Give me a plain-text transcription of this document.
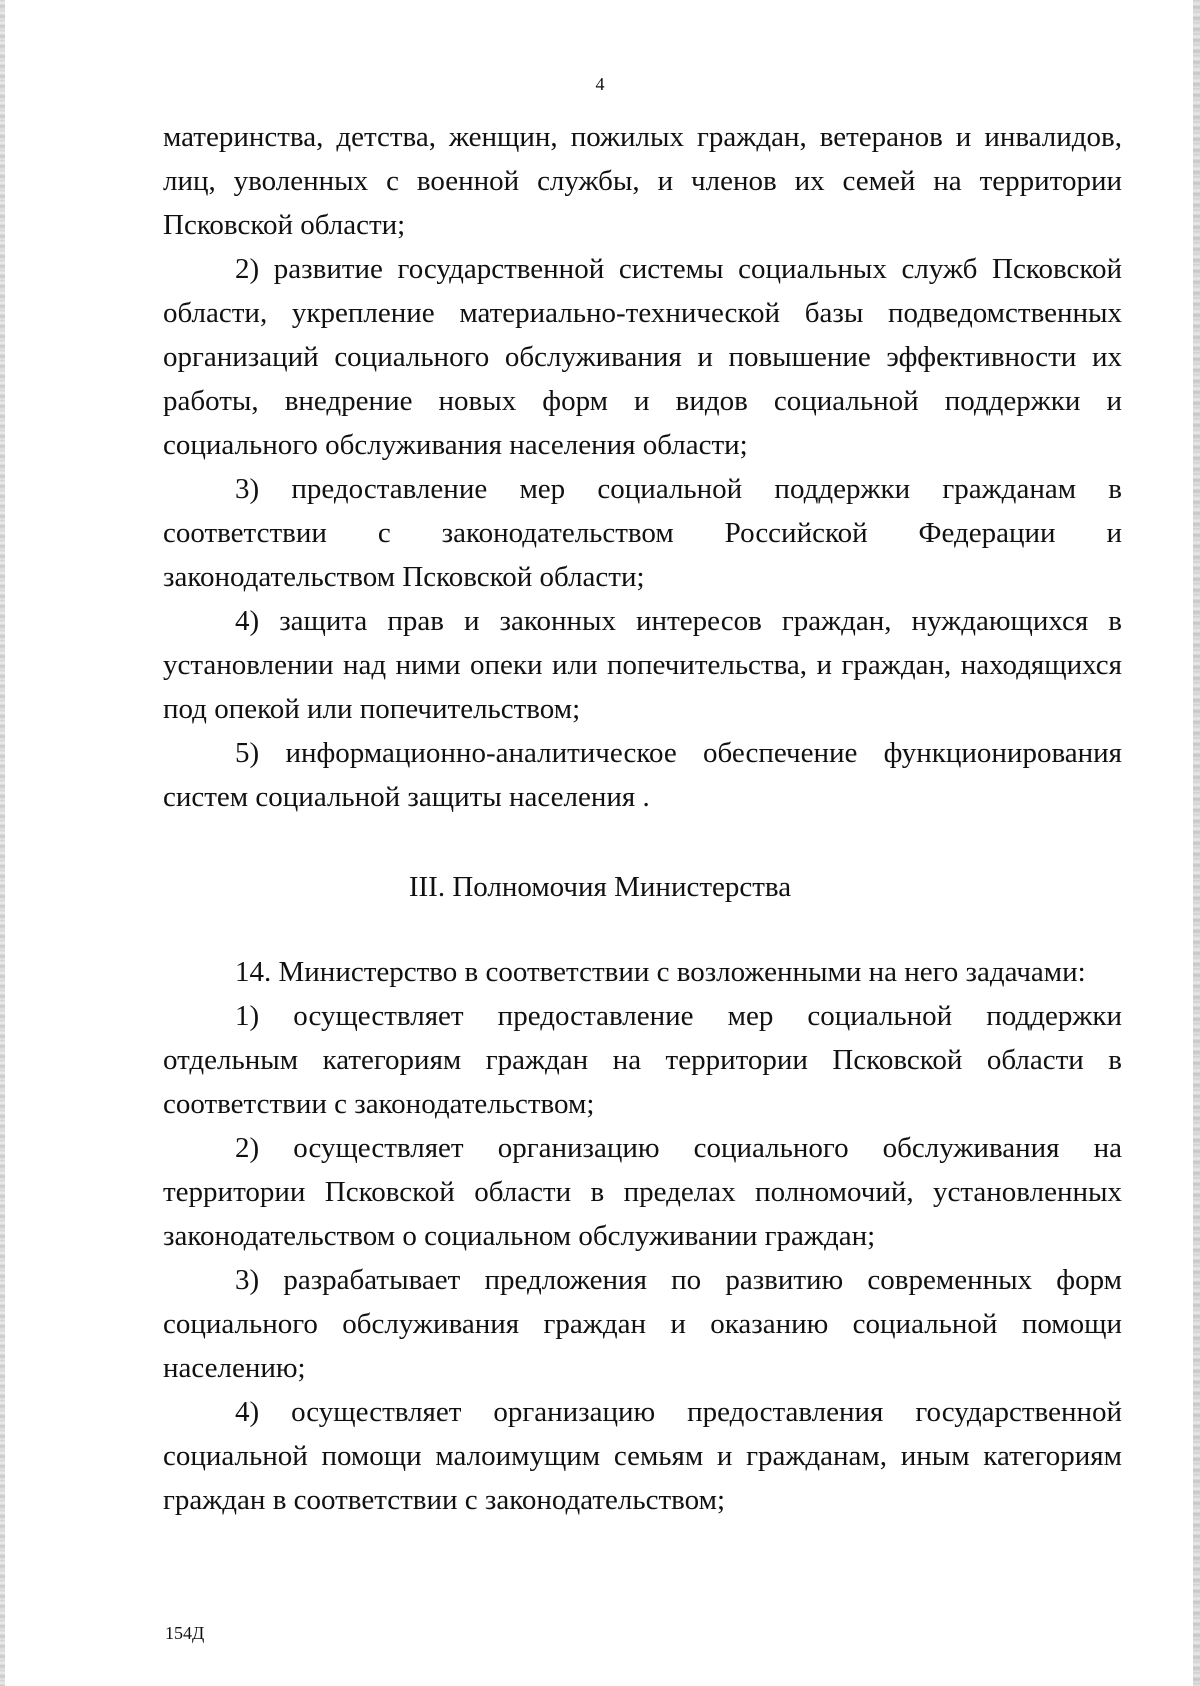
4

материнства, детства, женщин, пожилых граждан, ветеранов и инвалидов, лиц, уволенных с военной службы, и членов их семей на территории Псковской области;

2) развитие государственной системы социальных служб Псковской области, укрепление материально-технической базы подведомственных организаций социального обслуживания и повышение эффективности их работы, внедрение новых форм и видов социальной поддержки и социального обслуживания населения области;

3) предоставление мер социальной поддержки гражданам в соответствии с законодательством Российской Федерации и законодательством Псковской области;

4) защита прав и законных интересов граждан, нуждающихся в установлении над ними опеки или попечительства, и граждан, находящихся под опекой или попечительством;

5) информационно-аналитическое обеспечение функционирования систем социальной защиты населения .

III. Полномочия Министерства

14. Министерство в соответствии с возложенными на него задачами:

1) осуществляет предоставление мер социальной поддержки отдельным категориям граждан на территории Псковской области в соответствии с законодательством;

2) осуществляет организацию социального обслуживания на территории Псковской области в пределах полномочий, установленных законодательством о социальном обслуживании граждан;

3) разрабатывает предложения по развитию современных форм социального обслуживания граждан и оказанию социальной помощи населению;

4) осуществляет организацию предоставления государственной социальной помощи малоимущим семьям и гражданам, иным категориям граждан в соответствии с законодательством;

154Д
